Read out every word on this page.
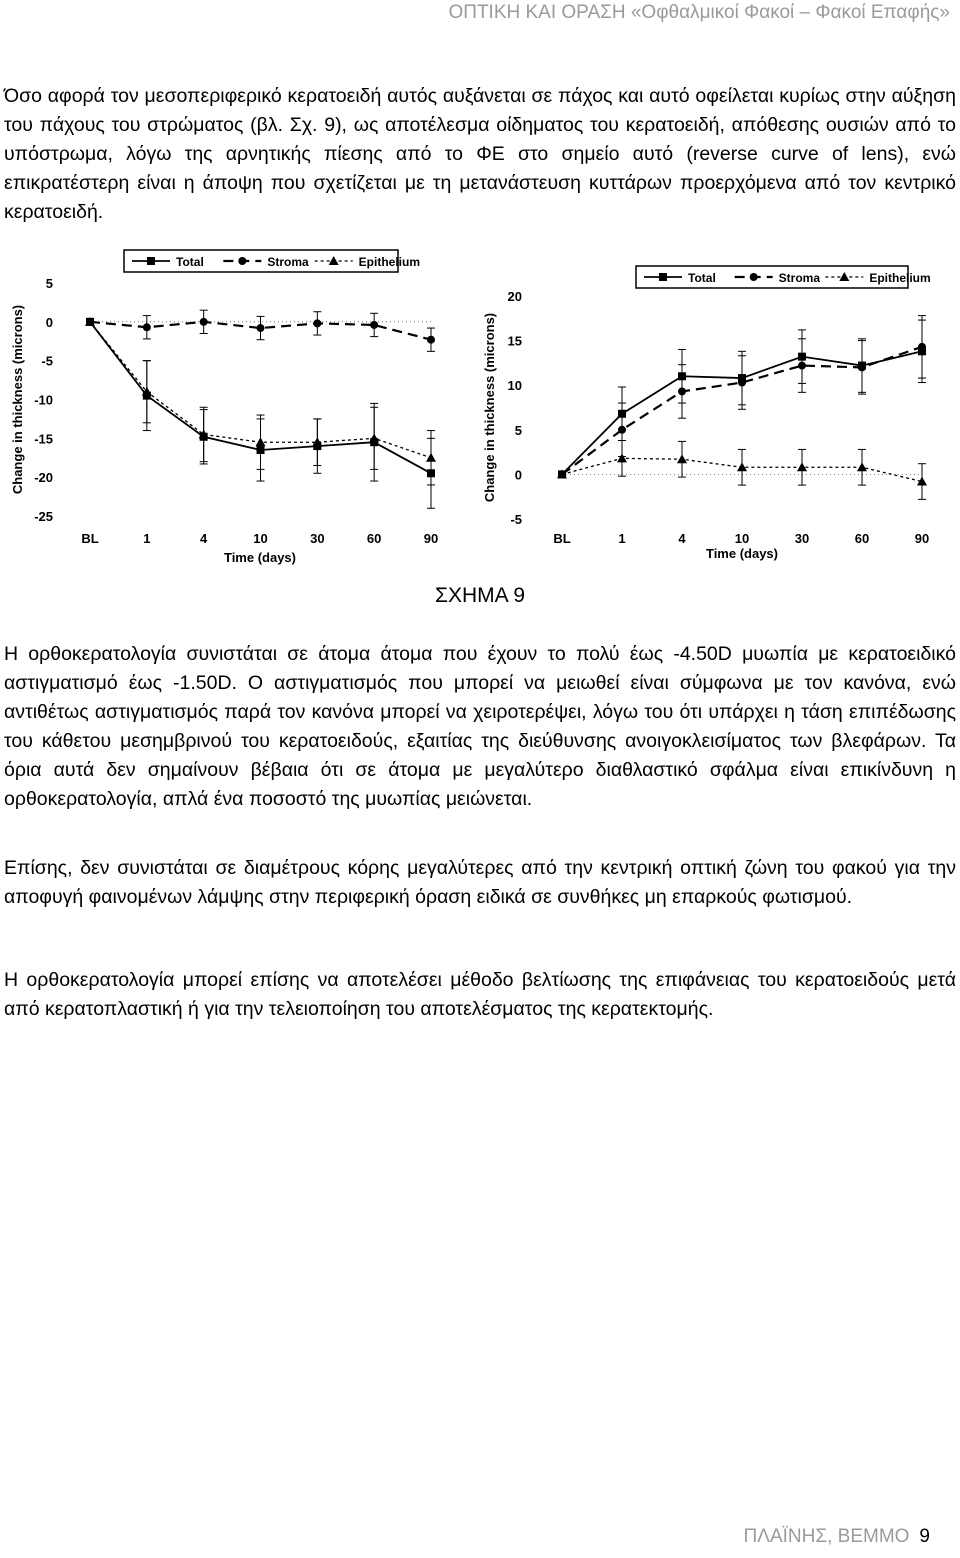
ΟΠΤΙΚΗ ΚΑΙ ΟΡΑΣΗ «Οφθαλμικοί Φακοί – Φακοί Επαφής»

Όσο αφορά τον μεσοπεριφερικό κερατοειδή αυτός αυξάνεται σε πάχος και αυτό οφείλεται κυρίως στην αύξηση του πάχους του στρώματος (βλ. Σχ. 9), ως αποτέλεσμα οίδηματος του κερατοειδή, απόθεσης ουσιών από το υπόστρωμα, λόγω της αρνητικής πίεσης από το ΦΕ στο σημείο αυτό (reverse curve of lens), ενώ επικρατέστερη είναι η άποψη που σχετίζεται με τη μετανάστευση κυττάρων προερχόμενα από τον κεντρικό κερατοειδή.

Total	Stroma	Epithelium
5
0
-5
-10
-15
-20
-25
Change in thickness (microns)
BL	1	4	10	30	60	90
Time (days)
Total	Stroma	Epithelium
20
15
10
5
0
-5
Change in thickness (microns)
BL	1	4	10	30	60	90
Time (days)
ΣΧΗΜΑ 9

Η ορθοκερατολογία συνιστάται σε άτομα άτομα που έχουν το πολύ έως -4.50D μυωπία με κερατοειδικό αστιγματισμό έως -1.50D. Ο αστιγματισμός που μπορεί να μειωθεί είναι σύμφωνα με τον κανόνα, ενώ αντιθέτως αστιγματισμός παρά τον κανόνα μπορεί να χειροτερέψει, λόγω του ότι υπάρχει η τάση επιπέδωσης του κάθετου μεσημβρινού του κερατοειδούς, εξαιτίας της διεύθυνσης ανοιγοκλεισίματος των βλεφάρων. Τα όρια αυτά δεν σημαίνουν βέβαια ότι σε άτομα με μεγαλύτερο διαθλαστικό σφάλμα είναι επικίνδυνη η ορθοκερατολογία, απλά ένα ποσοστό της μυωπίας μειώνεται.

Επίσης, δεν συνιστάται σε διαμέτρους κόρης μεγαλύτερες από την κεντρική οπτική ζώνη του φακού για την αποφυγή φαινομένων λάμψης στην περιφερική όραση ειδικά σε συνθήκες μη επαρκούς φωτισμού.

Η ορθοκερατολογία μπορεί επίσης να αποτελέσει μέθοδο βελτίωσης της επιφάνειας του κερατοειδούς μετά από κερατοπλαστική ή για την τελειοποίηση του αποτελέσματος της κερατεκτομής.

ΠΛΑΪΝΗΣ, ΒΕΜΜΟ 9
